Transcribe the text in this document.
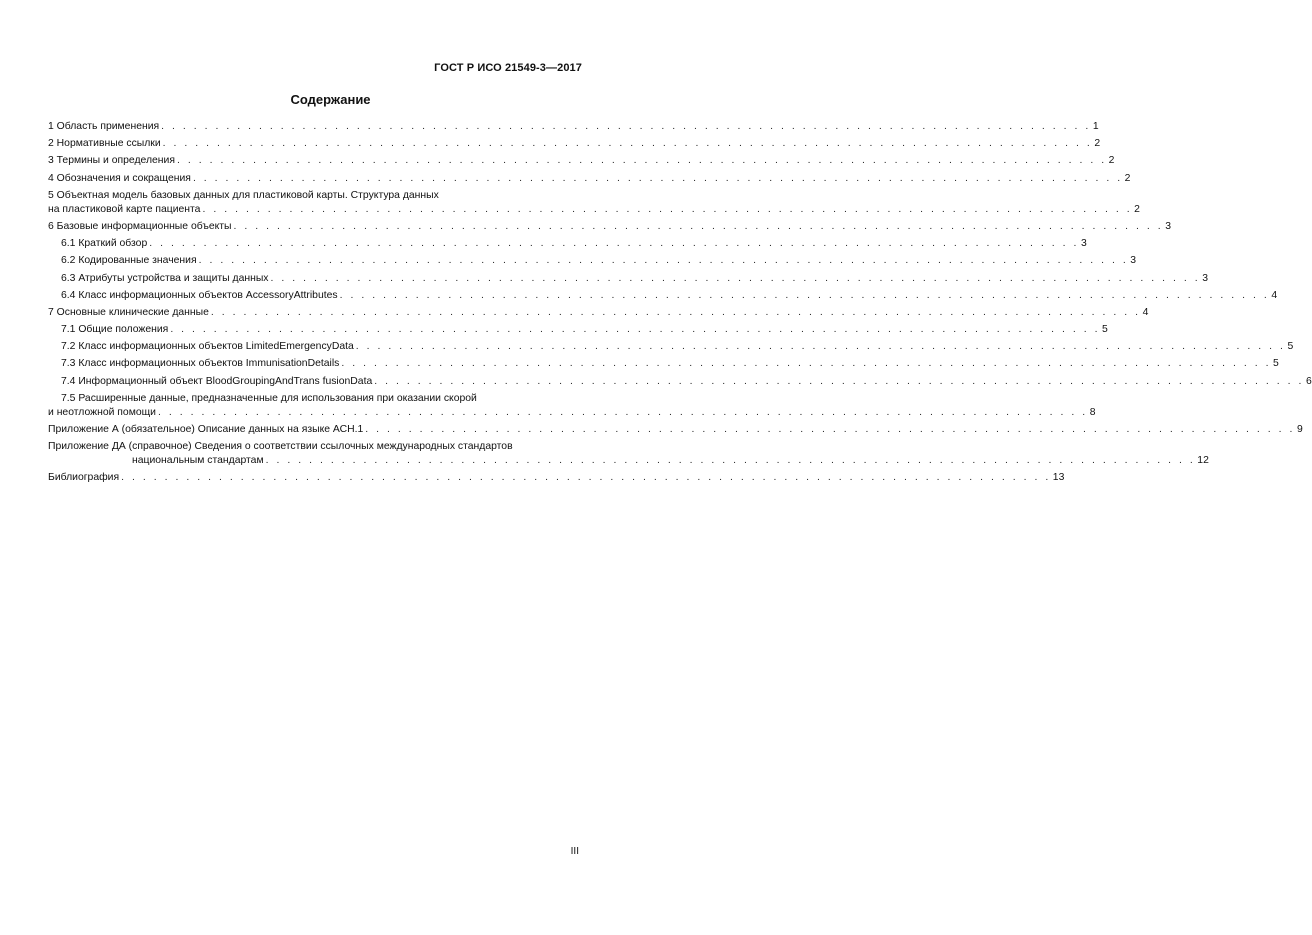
ГОСТ Р ИСО 21549-3—2017
Содержание
1 Область применения . . . . . . . . . . . . . . . . . . . . . . . . . . . . . . . . . . . . . . . . . . . . . . . . . . . . . . . . . . . . . . . . . . . . . . . . . . . . . . . . . . . . . . 1
2 Нормативные ссылки . . . . . . . . . . . . . . . . . . . . . . . . . . . . . . . . . . . . . . . . . . . . . . . . . . . . . . . . . . . . . . . . . . . . . . . . . . . . . . . . . . . . . . 2
3 Термины и определения . . . . . . . . . . . . . . . . . . . . . . . . . . . . . . . . . . . . . . . . . . . . . . . . . . . . . . . . . . . . . . . . . . . . . . . . . . . . . . . . . . . . . . 2
4 Обозначения и сокращения . . . . . . . . . . . . . . . . . . . . . . . . . . . . . . . . . . . . . . . . . . . . . . . . . . . . . . . . . . . . . . . . . . . . . . . . . . . . . . . . . . . . . . 2
5 Объектная модель базовых данных для пластиковой карты. Структура данных
на пластиковой карте пациента . . . . . . . . . . . . . . . . . . . . . . . . . . . . . . . . . . . . . . . . . . . . . . . . . . . . . . . . . . . . . . . . . . . . . . . . . . . . . . . . . . . . . . 2
6 Базовые информационные объекты . . . . . . . . . . . . . . . . . . . . . . . . . . . . . . . . . . . . . . . . . . . . . . . . . . . . . . . . . . . . . . . . . . . . . . . . . . . . . . . . . . . . . . 3
6.1 Краткий обзор . . . . . . . . . . . . . . . . . . . . . . . . . . . . . . . . . . . . . . . . . . . . . . . . . . . . . . . . . . . . . . . . . . . . . . . . . . . . . . . . . . . . . . 3
6.2 Кодированные значения . . . . . . . . . . . . . . . . . . . . . . . . . . . . . . . . . . . . . . . . . . . . . . . . . . . . . . . . . . . . . . . . . . . . . . . . . . . . . . . . . . . . . . 3
6.3 Атрибуты устройства и защиты данных . . . . . . . . . . . . . . . . . . . . . . . . . . . . . . . . . . . . . . . . . . . . . . . . . . . . . . . . . . . . . . . . . . . . . . . . . . . . . . . . . . . . . . 3
6.4 Класс информационных объектов AccessoryAttributes . . . . . . . . . . . . . . . . . . . . . . . . . . . . . . . . . . . . . . . . . . . . . . . . . . . . . . . . . . . . . . . . . . . . . . . . . . . . . . . . . . . . . . 4
7 Основные клинические данные . . . . . . . . . . . . . . . . . . . . . . . . . . . . . . . . . . . . . . . . . . . . . . . . . . . . . . . . . . . . . . . . . . . . . . . . . . . . . . . . . . . . . . 4
7.1 Общие положения . . . . . . . . . . . . . . . . . . . . . . . . . . . . . . . . . . . . . . . . . . . . . . . . . . . . . . . . . . . . . . . . . . . . . . . . . . . . . . . . . . . . . . 5
7.2 Класс информационных объектов LimitedEmergencyData . . . . . . . . . . . . . . . . . . . . . . . . . . . . . . . . . . . . . . . . . . . . . . . . . . . . . . . . . . . . . . . . . . . . . . . . . . . . . . . . . . . . . . 5
7.3 Класс информационных объектов ImmunisationDetails . . . . . . . . . . . . . . . . . . . . . . . . . . . . . . . . . . . . . . . . . . . . . . . . . . . . . . . . . . . . . . . . . . . . . . . . . . . . . . . . . . . . . . 5
7.4 Информационный объект BloodGroupingAndTrans fusionData . . . . . . . . . . . . . . . . . . . . . . . . . . . . . . . . . . . . . . . . . . . . . . . . . . . . . . . . . . . . . . . . . . . . . . . . . . . . . . . . . . . . . . 6
7.5 Расширенные данные, предназначенные для использования при оказании скорой
и неотложной помощи . . . . . . . . . . . . . . . . . . . . . . . . . . . . . . . . . . . . . . . . . . . . . . . . . . . . . . . . . . . . . . . . . . . . . . . . . . . . . . . . . . . . . . 8
Приложение А (обязательное) Описание данных на языке АСН.1 . . . . . . . . . . . . . . . . . . . . . . . . . . . . . . . . . . . . . . . . . . . . . . . . . . . . . . . . . . . . . . . . . . . . . . . . . . . . . . . . . . . . . . 9
Приложение ДА (справочное) Сведения о соответствии ссылочных международных стандартов
национальным стандартам . . . . . . . . . . . . . . . . . . . . . . . . . . . . . . . . . . . . . . . . . . . . . . . . . . . . . . . . . . . . . . . . . . . . . . . . . . . . . . . . . . . . . . 12
Библиография . . . . . . . . . . . . . . . . . . . . . . . . . . . . . . . . . . . . . . . . . . . . . . . . . . . . . . . . . . . . . . . . . . . . . . . . . . . . . . . . . . . . . . 13
III
